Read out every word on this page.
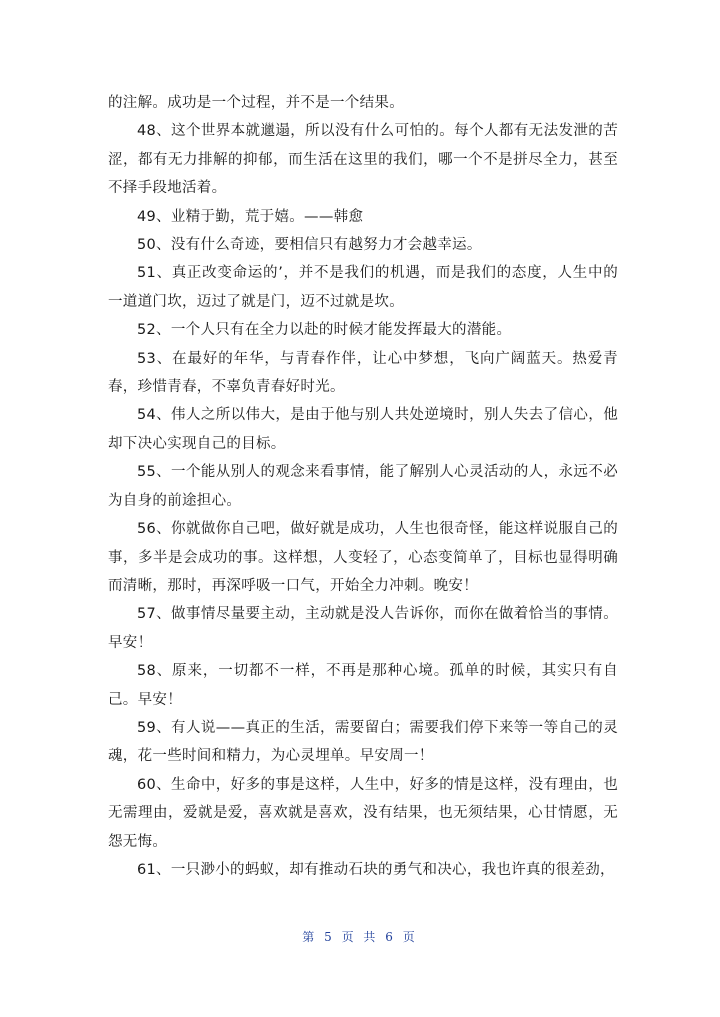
的注解。成功是一个过程，并不是一个结果。

48、这个世界本就邋遢，所以没有什么可怕的。每个人都有无法发泄的苦涩，都有无力排解的抑郁，而生活在这里的我们，哪一个不是拼尽全力，甚至不择手段地活着。

49、业精于勤，荒于嬉。——韩愈

50、没有什么奇迹，要相信只有越努力才会越幸运。

51、真正改变命运的’，并不是我们的机遇，而是我们的态度，人生中的一道道门坎，迈过了就是门，迈不过就是坎。

52、一个人只有在全力以赴的时候才能发挥最大的潜能。

53、在最好的年华，与青春作伴，让心中梦想，飞向广阔蓝天。热爱青春，珍惜青春，不辜负青春好时光。

54、伟人之所以伟大，是由于他与别人共处逆境时，别人失去了信心，他却下决心实现自己的目标。

55、一个能从别人的观念来看事情，能了解别人心灵活动的人，永远不必为自身的前途担心。

56、你就做你自己吧，做好就是成功，人生也很奇怪，能这样说服自己的事，多半是会成功的事。这样想，人变轻了，心态变简单了，目标也显得明确而清晰，那时，再深呼吸一口气，开始全力冲刺。晚安！

57、做事情尽量要主动，主动就是没人告诉你，而你在做着恰当的事情。早安！

58、原来，一切都不一样，不再是那种心境。孤单的时候，其实只有自己。早安！

59、有人说——真正的生活，需要留白；需要我们停下来等一等自己的灵魂，花一些时间和精力，为心灵埋单。早安周一！

60、生命中，好多的事是这样，人生中，好多的情是这样，没有理由，也无需理由，爱就是爱，喜欢就是喜欢，没有结果，也无须结果，心甘情愿，无怨无悔。

61、一只渺小的蚂蚁，却有推动石块的勇气和决心，我也许真的很差劲，

第 5 页 共 6 页
